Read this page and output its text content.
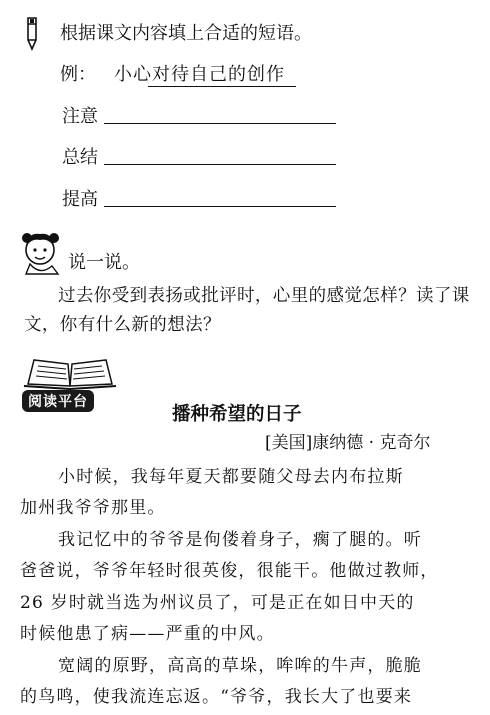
根据课文内容填上合适的短语。
例： 小心对待自己的创作
注意
总结
提高
说一说。
过去你受到表扬或批评时，心里的感觉怎样？读了课
文，你有什么新的想法？
阅读平台
播种希望的日子
[美国]康纳德 · 克奇尔
小时候，我每年夏天都要随父母去内布拉斯
加州我爷爷那里。
我记忆中的爷爷是佝偻着身子，瘸了腿的。听
爸爸说，爷爷年轻时很英俊，很能干。他做过教师，
26 岁时就当选为州议员了，可是正在如日中天的
时候他患了病——严重的中风。
宽阔的原野，高高的草垛，哞哞的牛声，脆脆
的鸟鸣，使我流连忘返。“爷爷，我长大了也要来
